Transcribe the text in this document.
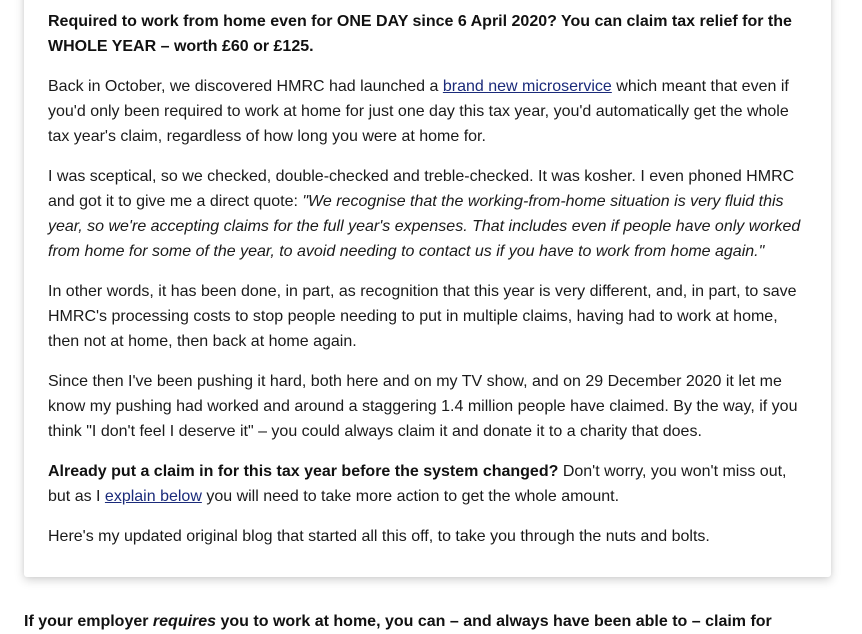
Required to work from home even for ONE DAY since 6 April 2020? You can claim tax relief for the WHOLE YEAR – worth £60 or £125.

Back in October, we discovered HMRC had launched a brand new microservice which meant that even if you'd only been required to work at home for just one day this tax year, you'd automatically get the whole tax year's claim, regardless of how long you were at home for.

I was sceptical, so we checked, double-checked and treble-checked. It was kosher. I even phoned HMRC and got it to give me a direct quote: "We recognise that the working-from-home situation is very fluid this year, so we're accepting claims for the full year's expenses. That includes even if people have only worked from home for some of the year, to avoid needing to contact us if you have to work from home again."

In other words, it has been done, in part, as recognition that this year is very different, and, in part, to save HMRC's processing costs to stop people needing to put in multiple claims, having had to work at home, then not at home, then back at home again.

Since then I've been pushing it hard, both here and on my TV show, and on 29 December 2020 it let me know my pushing had worked and around a staggering 1.4 million people have claimed. By the way, if you think "I don't feel I deserve it" – you could always claim it and donate it to a charity that does.

Already put a claim in for this tax year before the system changed? Don't worry, you won't miss out, but as I explain below you will need to take more action to get the whole amount.

Here's my updated original blog that started all this off, to take you through the nuts and bolts.

If your employer requires you to work at home, you can – and always have been able to – claim for
